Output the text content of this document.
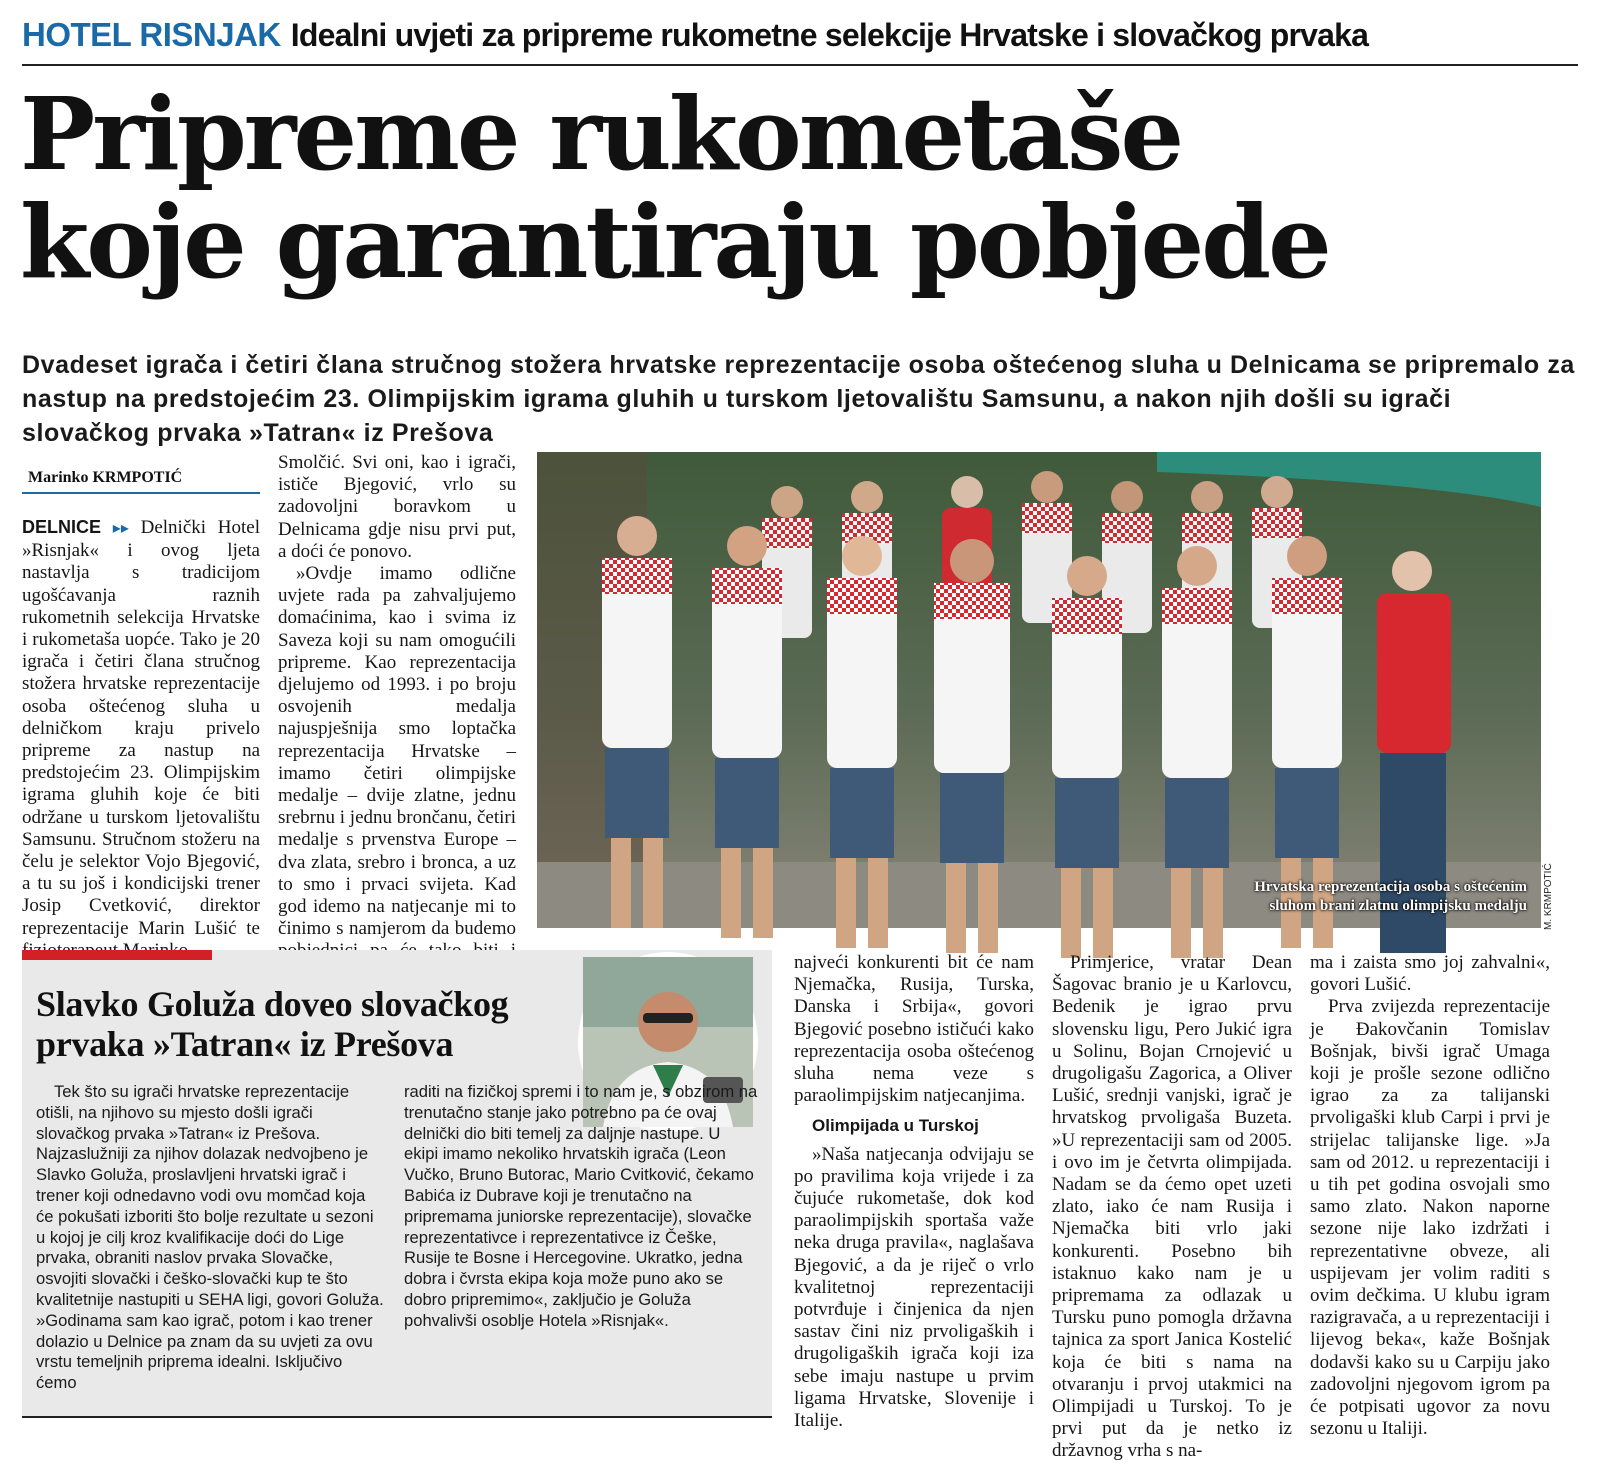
HOTEL RISNJAK Idealni uvjeti za pripreme rukometne selekcije Hrvatske i slovačkog prvaka
Pripreme rukometaše
koje garantiraju pobjede
Dvadeset igrača i četiri člana stručnog stožera hrvatske reprezentacije osoba oštećenog sluha u Delnicama se pripremalo za nastup na predstojećim 23. Olimpijskim igrama gluhih u turskom ljetovalištu Samsunu, a nakon njih došli su igrači slovačkog prvaka »Tatran« iz Prešova
Marinko KRMPOTIĆ

DELNICE ▸▸ Delnički Hotel »Risnjak« i ovog ljeta nastavlja s tradicijom ugošćavanja raznih rukometnih selekcija Hrvatske i rukometaša uopće. Tako je 20 igrača i četiri člana stručnog stožera hrvatske reprezentacije osoba oštećenog sluha u delničkom kraju privelo pripreme za nastup na predstojećim 23. Olimpijskim igrama gluhih koje će biti održane u turskom ljetovalištu Samsunu. Stručnom stožeru na čelu je selektor Vojo Bjegović, a tu su još i kondicijski trener Josip Cvetković, direktor reprezentacije Marin Lušić te

Smolčić. Svi oni, kao i igrači, ističe Bjegović, vrlo su zadovoljni boravkom u Delnicama gdje nisu prvi put, a doći će ponovo.

»Ovdje imamo odlične uvjete rada pa zahvaljujemo domaćinima, kao i svima iz Saveza koji su nam omogućili pripreme. Kao reprezentacija djelujemo od 1993. i po broju osvojenih medalja najuspješnija smo loptačka reprezentacija Hrvatske – imamo četiri olimpijske medalje – dvije zlatne, jednu srebrnu i jednu brončanu, četiri medalje s prvenstva Europe – dva zlata, srebro i bronca, a uz to smo i prvaci svijeta. Kad god idemo na natjecanje mi to činimo s namjerom da budemo

Hrvatska reprezentacija osoba s oštećenim sluhom brani zlatnu olimpijsku medalju M. KRMPOTIĆ
Slavko Goluža doveo slovačkog prvaka »Tatran« iz Prešova

Tek što su igrači hrvatske reprezentacije otišli, na njihovo su mjesto došli igrači slovačkog prvaka »Tatran« iz Prešova. Najzaslužniji za njihov dolazak nedvojbeno je Slavko Goluža, proslavljeni hrvatski igrač i trener koji odnedavno vodi ovu momčad koja će pokušati izboriti što bolje rezultate u sezoni u kojoj je cilj kroz kvalifikacije doći do Lige prvaka, obraniti naslov prvaka Slovačke, osvojiti slovački i češko-slovački kup te što kvalitetnije nastupiti u SEHA ligi, govori Goluža. »Godinama sam kao igrač, potom i kao trener dolazio u Delnice pa znam da su uvjeti za ovu vrstu temeljnih priprema idealni. Isključivo ćemo

raditi na fizičkoj spremi i to nam je, s obzirom na trenutačno stanje jako potrebno pa će ovaj delnički dio biti temelj za daljnje nastupe. U ekipi imamo nekoliko hrvatskih igrača (Leon Vučko, Bruno Butorac, Mario Cvitković, čekamo Babića iz Dubrave koji je trenutačno na pripremama juniorske reprezentacije), slovačke reprezentativce i reprezentativce iz Češke, Rusije te Bosne i Hercegovine. Ukratko, jedna dobra i čvrsta ekipa koja može puno ako se dobro pripremimo«, zaključio je Goluža pohvalivši osoblje Hotela »Risnjak«.

najveći konkurenti bit će nam Njemačka, Rusija, Turska, Danska i Srbija«, govori Bjegović posebno ističući kako reprezentacija osoba oštećenog sluha nema veze s paraolimpijskim natjecanjima.

Olimpijada u Turskoj

»Naša natjecanja odvijaju se po pravilima koja vrijede i za čujuće rukometaše, dok kod paraolimpijskih sportaša važe neka druga pravila«, naglašava Bjegović, a da je riječ o vrlo kvalitetnoj reprezentaciji potvrđuje i činjenica da njen sastav čini niz prvoligaških i drugoligaških igrača koji iza sebe imaju nastupe u prvim ligama Hrvatske, Slovenije i Italije.

Primjerice, vratar Dean Šagovac branio je u Karlovcu, Bedenik je igrao prvu slovensku ligu, Pero Jukić igra u Solinu, Bojan Crnojević u drugoligašu Zagorica, a Oliver Lušić, srednji vanjski, igrač je hrvatskog prvoligaša Buzeta. »U reprezentaciji sam od 2005. i ovo im je četvrta olimpijada. Nadam se da ćemo opet uzeti zlato, iako će nam Rusija i Njemačka biti vrlo jaki konkurenti. Posebno bih istaknuo kako nam je u pripremama za odlazak u Tursku puno pomogla državna tajnica za sport Janica Kostelić koja će biti s nama na otvaranju i prvoj utakmici na Olimpijadi u Turskoj. To je prvi put da je netko iz državnog vrha s na-

ma i zaista smo joj zahvalni«, govori Lušić.

Prva zvijezda reprezentacije je Đakovčanin Tomislav Bošnjak, bivši igrač Umaga koji je prošle sezone odlično igrao za za talijanski prvoligaški klub Carpi i prvi je strijelac talijanske lige. »Ja sam od 2012. u reprezentaciji i u tih pet godina osvojali smo samo zlato. Nakon naporne sezone nije lako izdržati i reprezentativne obveze, ali uspijevam jer volim raditi s ovim dečkima. U klubu igram razigravača, a u reprezentaciji i lijevog beka«, kaže Bošnjak dodavši kako su u Carpiju jako zadovoljni njegovom igrom pa će potpisati ugovor za novu sezonu u Italiji.
